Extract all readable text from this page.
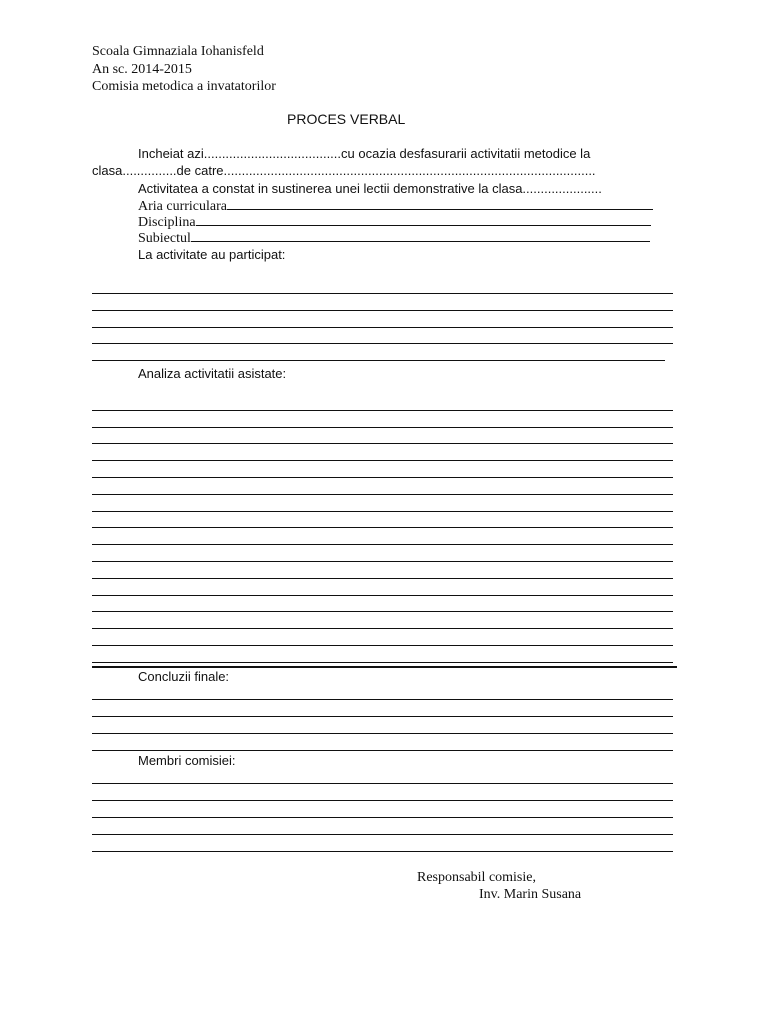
Scoala Gimnaziala Iohanisfeld
An sc. 2014-2015
Comisia metodica a invatatorilor
PROCES VERBAL
Incheiat azi......................................cu ocazia desfasurarii activitatii metodice la
clasa...............de catre.......................................................................................................
Activitatea a constat in sustinerea unei lectii demonstrative la clasa......................
Aria curriculara
Disciplina
Subiectul
La activitate au participat:
Analiza activitatii asistate:
Concluzii finale:
Membri comisiei:
Responsabil comisie,
Inv. Marin Susana
